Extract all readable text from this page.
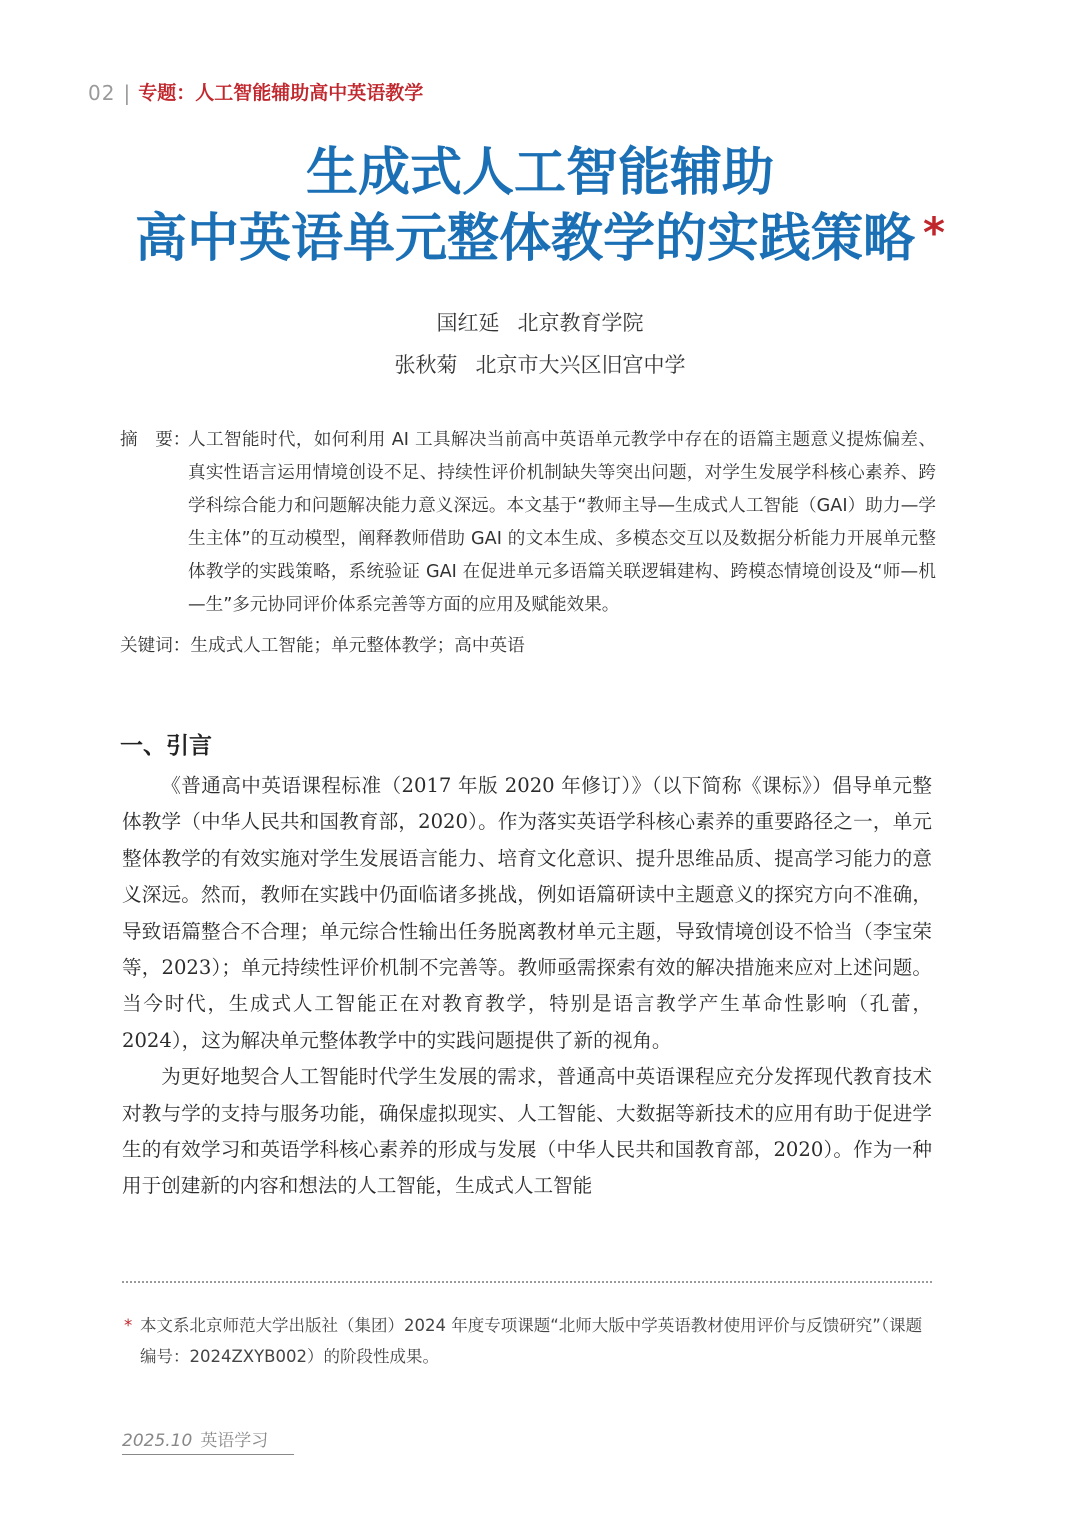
02 | 专题：人工智能辅助高中英语教学
生成式人工智能辅助
高中英语单元整体教学的实践策略 *
国红延 北京教育学院
张秋菊 北京市大兴区旧宫中学
摘　要：
人工智能时代，如何利用 AI 工具解决当前高中英语单元教学中存在的语篇主题意义提炼偏差、真实性语言运用情境创设不足、持续性评价机制缺失等突出问题，对学生发展学科核心素养、跨学科综合能力和问题解决能力意义深远。本文基于“教师主导—生成式人工智能（GAI）助力—学生主体”的互动模型，阐释教师借助 GAI 的文本生成、多模态交互以及数据分析能力开展单元整体教学的实践策略，系统验证 GAI 在促进单元多语篇关联逻辑建构、跨模态情境创设及“师—机—生”多元协同评价体系完善等方面的应用及赋能效果。
关键词：生成式人工智能；单元整体教学；高中英语
一、引言

《普通高中英语课程标准（2017 年版 2020 年修订）》（以下简称《课标》）倡导单元整体教学（中华人民共和国教育部，2020）。作为落实英语学科核心素养的重要路径之一，单元整体教学的有效实施对学生发展语言能力、培育文化意识、提升思维品质、提高学习能力的意义深远。然而，教师在实践中仍面临诸多挑战，例如语篇研读中主题意义的探究方向不准确，导致语篇整合不合理；单元综合性输出任务脱离教材单元主题，导致情境创设不恰当（李宝荣等，2023）；单元持续性评价机制不完善等。教师亟需探索有效的解决措施来应对上述问题。当今时代，生成式人工智能正在对教育教学，特别是语言教学产生革命性影响（孔蕾，2024），这为解决单元整体教学中的实践问题提供了新的视角。

为更好地契合人工智能时代学生发展的需求，普通高中英语课程应充分发挥现代教育技术对教与学的支持与服务功能，确保虚拟现实、人工智能、大数据等新技术的应用有助于促进学生的有效学习和英语学科核心素养的形成与发展（中华人民共和国教育部，2020）。作为一种用于创建新的内容和想法的人工智能，生成式人工智能

* 本文系北京师范大学出版社（集团）2024 年度专项课题“北师大版中学英语教材使用评价与反馈研究”（课题编号：2024ZXYB002）的阶段性成果。
2025.10 英语学习
